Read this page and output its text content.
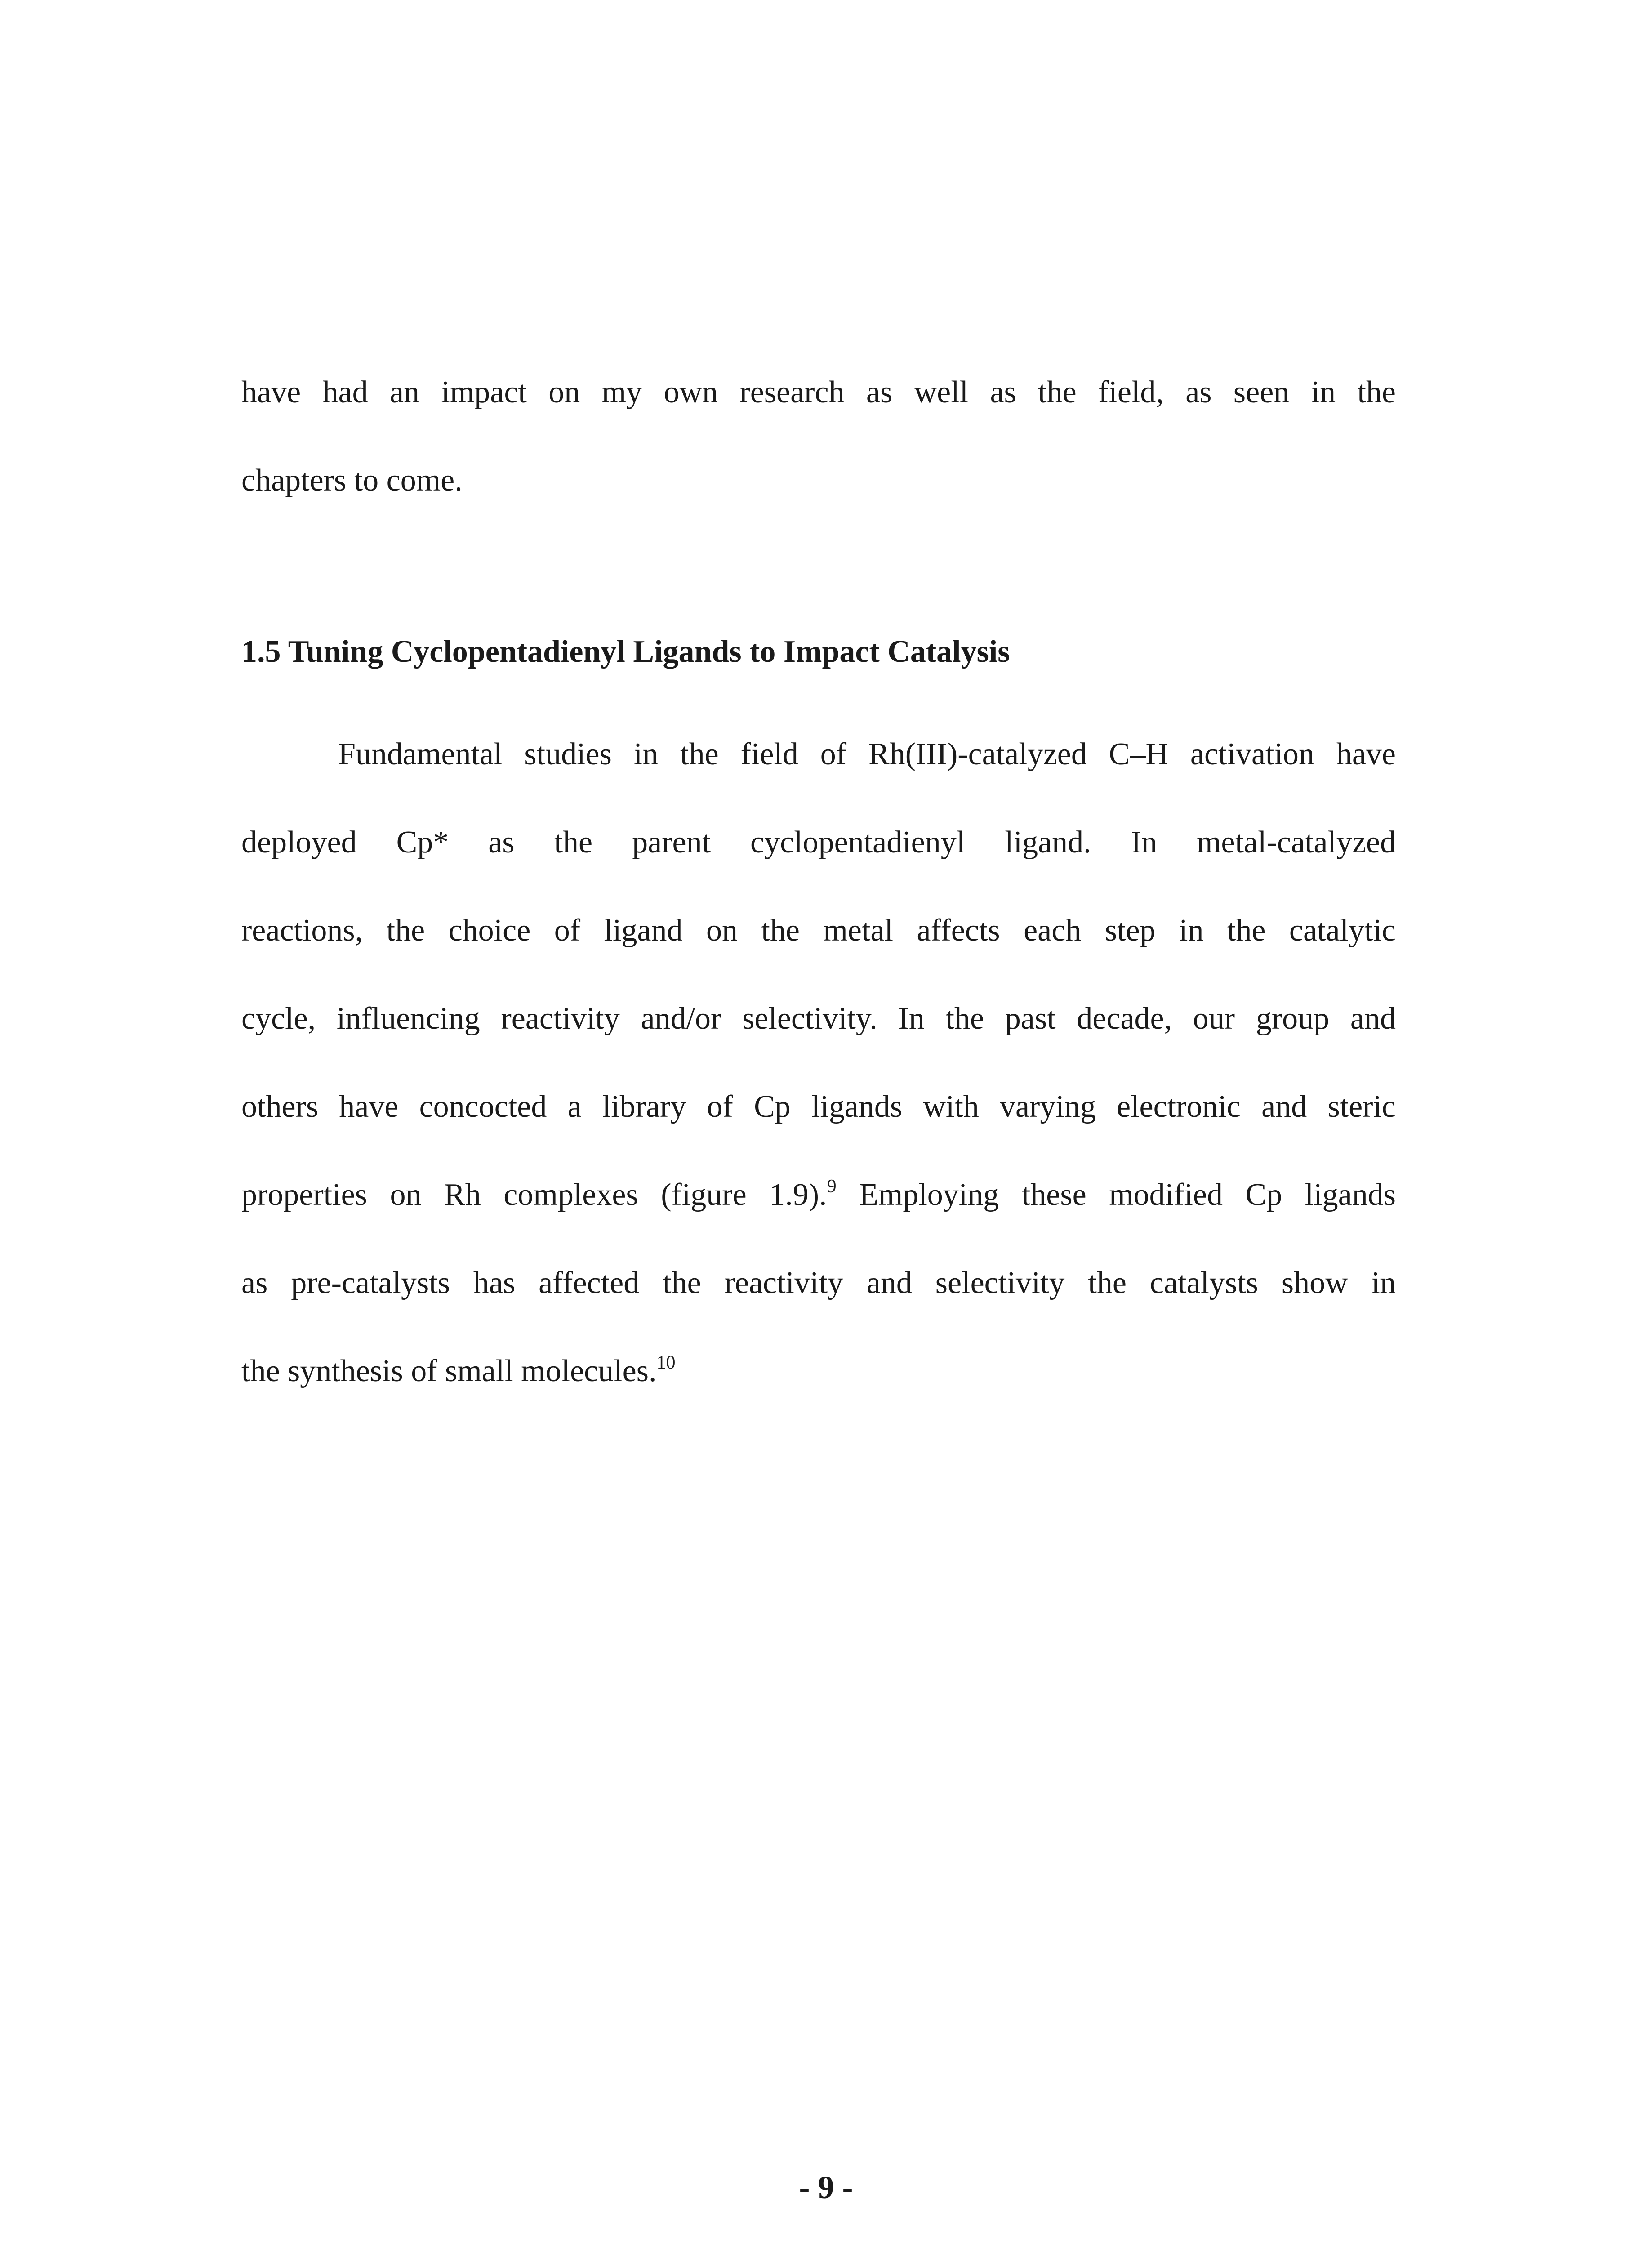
have had an impact on my own research as well as the field, as seen in the
chapters to come.
1.5 Tuning Cyclopentadienyl Ligands to Impact Catalysis
Fundamental studies in the field of Rh(III)-catalyzed C–H activation have
deployed Cp* as the parent cyclopentadienyl ligand. In metal-catalyzed
reactions, the choice of ligand on the metal affects each step in the catalytic
cycle, influencing reactivity and/or selectivity. In the past decade, our group and
others have concocted a library of Cp ligands with varying electronic and steric
properties on Rh complexes (figure 1.9).$^9$ Employing these modified Cp ligands
as pre-catalysts has affected the reactivity and selectivity the catalysts show in
the synthesis of small molecules.$^{10}$
- 9 -
